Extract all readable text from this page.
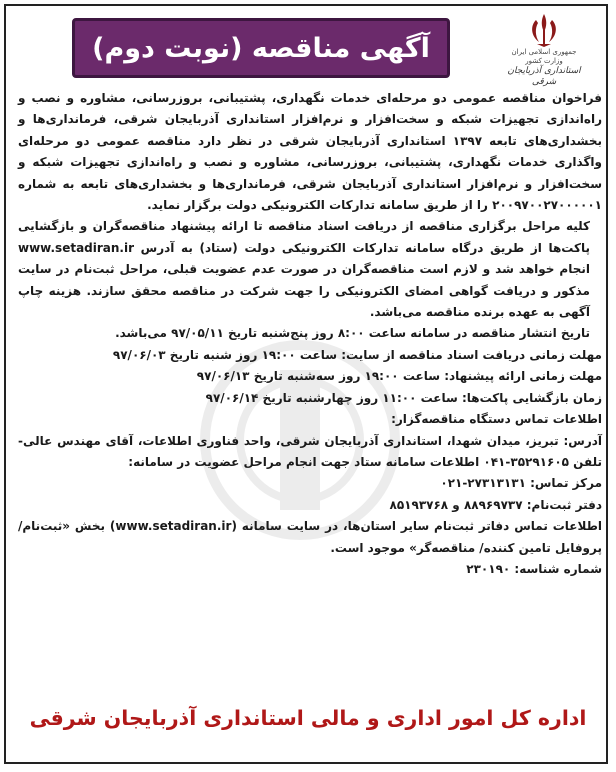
آگهی مناقصه (نوبت دوم)	جمهوری اسلامی ایران
وزارت کشور
استانداری آذربایجان شرقی

فراخوان مناقصه عمومی دو مرحله‌ای خدمات نگهداری، پشتیبانی، بروزرسانی، مشاوره و نصب و راه‌اندازی تجهیزات شبکه و سخت‌افزار و نرم‌افزار استانداری آذربایجان شرقی، فرمانداری‌ها و بخشداری‌های تابعه ۱۳۹۷ استانداری آذربایجان شرقی در نظر دارد مناقصه عمومی دو مرحله‌ای واگذاری خدمات نگهداری، پشتیبانی، بروزرسانی، مشاوره و نصب و راه‌اندازی تجهیزات شبکه و سخت‌افزار و نرم‌افزار استانداری آذربایجان شرقی، فرمانداری‌ها و بخشداری‌های تابعه به شماره ۲۰۰۹۷۰۰۲۷۰۰۰۰۰۱ را از طریق سامانه تدارکات الکترونیکی دولت برگزار نماید.

کلیه مراحل برگزاری مناقصه از دریافت اسناد مناقصه تا ارائه پیشنهاد مناقصه‌گران و بازگشایی پاکت‌ها از طریق درگاه سامانه تدارکات الکترونیکی دولت (ستاد) به آدرس www.setadiran.ir انجام خواهد شد و لازم است مناقصه‌گران در صورت عدم عضویت قبلی، مراحل ثبت‌نام در سایت مذکور و دریافت گواهی امضای الکترونیکی را جهت شرکت در مناقصه محقق سازند. هزینه چاپ آگهی به عهده برنده مناقصه می‌باشد.

تاریخ انتشار مناقصه در سامانه ساعت ۸:۰۰ روز پنج‌شنبه تاریخ ۹۷/۰۵/۱۱ می‌باشد.

مهلت زمانی دریافت اسناد مناقصه از سایت: ساعت ۱۹:۰۰ روز شنبه تاریخ ۹۷/۰۶/۰۳

مهلت زمانی ارائه پیشنهاد: ساعت ۱۹:۰۰ روز سه‌شنبه تاریخ ۹۷/۰۶/۱۳

زمان بازگشایی پاکت‌ها: ساعت ۱۱:۰۰ روز چهارشنبه تاریخ ۹۷/۰۶/۱۴

اطلاعات تماس دستگاه مناقصه‌گزار:

آدرس: تبریز، میدان شهدا، استانداری آذربایجان شرقی، واحد فناوری اطلاعات، آقای مهندس عالی- تلفن ۳۵۲۹۱۶۰۵-۰۴۱ اطلاعات سامانه ستاد جهت انجام مراحل عضویت در سامانه:

مرکز تماس: ۲۷۳۱۳۱۳۱-۰۲۱

دفتر ثبت‌نام: ۸۸۹۶۹۷۳۷ و ۸۵۱۹۳۷۶۸

اطلاعات تماس دفاتر ثبت‌نام سایر استان‌ها، در سایت سامانه (www.setadiran.ir) بخش «ثبت‌نام/ پروفایل تامین کننده/ مناقصه‌گر» موجود است.

شماره شناسه: ۲۳۰۱۹۰

اداره کل امور اداری و مالی استانداری آذربایجان شرقی
